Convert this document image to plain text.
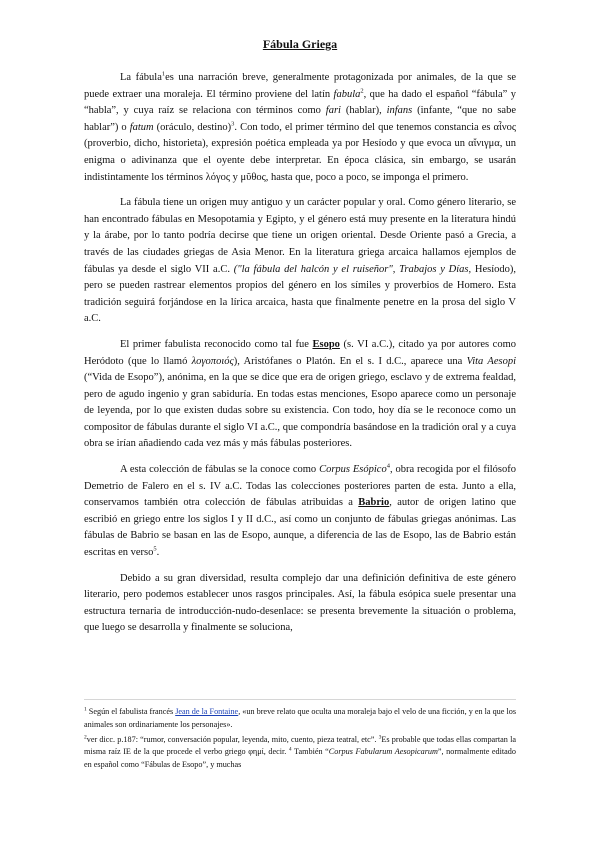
Fábula Griega

La fábula$^1$es una narración breve, generalmente protagonizada por animales, de la que se puede extraer una moraleja. El término proviene del latín fabula$^2$, que ha dado el español “fábula” y “habla”, y cuya raíz se relaciona con términos como fari (hablar), infans (infante, “que no sabe hablar”) o fatum (oráculo, destino)$^3$. Con todo, el primer término del que tenemos constancia es αἶνος (proverbio, dicho, historieta), expresión poética empleada ya por Hesíodo y que evoca un αἴνιγμα, un enigma o adivinanza que el oyente debe interpretar. En época clásica, sin embargo, se usarán indistintamente los términos λόγος y μῦθος, hasta que, poco a poco, se imponga el primero.

La fábula tiene un origen muy antiguo y un carácter popular y oral. Como género literario, se han encontrado fábulas en Mesopotamia y Egipto, y el género está muy presente en la literatura hindú y la árabe, por lo tanto podría decirse que tiene un origen oriental. Desde Oriente pasó a Grecia, a través de las ciudades griegas de Asia Menor. En la literatura griega arcaica hallamos ejemplos de fábulas ya desde el siglo VII a.C. ("la fábula del halcón y el ruiseñor", Trabajos y Días, Hesíodo), pero se pueden rastrear elementos propios del género en los símiles y proverbios de Homero. Esta tradición seguirá forjándose en la lírica arcaica, hasta que finalmente penetre en la prosa del siglo V a.C.

El primer fabulista reconocido como tal fue Esopo (s. VI a.C.), citado ya por autores como Heródoto (que lo llamó λογοποιός), Aristófanes o Platón. En el s. I d.C., aparece una Vita Aesopi (“Vida de Esopo”), anónima, en la que se dice que era de origen griego, esclavo y de extrema fealdad, pero de agudo ingenio y gran sabiduría. En todas estas menciones, Esopo aparece como un personaje de leyenda, por lo que existen dudas sobre su existencia. Con todo, hoy día se le reconoce como un compositor de fábulas durante el siglo VI a.C., que compondría basándose en la tradición oral y a cuya obra se irían añadiendo cada vez más y más fábulas posteriores.

A esta colección de fábulas se la conoce como Corpus Esópico$^4$, obra recogida por el filósofo Demetrio de Falero en el s. IV a.C. Todas las colecciones posteriores parten de esta. Junto a ella, conservamos también otra colección de fábulas atribuidas a Babrio, autor de origen latino que escribió en griego entre los siglos I y II d.C., así como un conjunto de fábulas griegas anónimas. Las fábulas de Babrio se basan en las de Esopo, aunque, a diferencia de las de Esopo, las de Babrio están escritas en verso$^5$.

Debido a su gran diversidad, resulta complejo dar una definición definitiva de este género literario, pero podemos establecer unos rasgos principales. Así, la fábula esópica suele presentar una estructura ternaria de introducción-nudo-desenlace: se presenta brevemente la situación o problema, que luego se desarrolla y finalmente se soluciona,

$^1$ Según el fabulista francés Jean de la Fontaine, «un breve relato que oculta una moraleja bajo el velo de una ficción, y en la que los animales son ordinariamente los personajes».

$^2$ver dicc. p.187: “rumor, conversación popular, leyenda, mito, cuento, pieza teatral, etc”. $^3$Es probable que todas ellas compartan la misma raíz IE de la que procede el verbo griego φημί, decir. $^4$ También “Corpus Fabularum Aesopicarum”, normalmente editado en español como “Fábulas de Esopo”, y muchas
